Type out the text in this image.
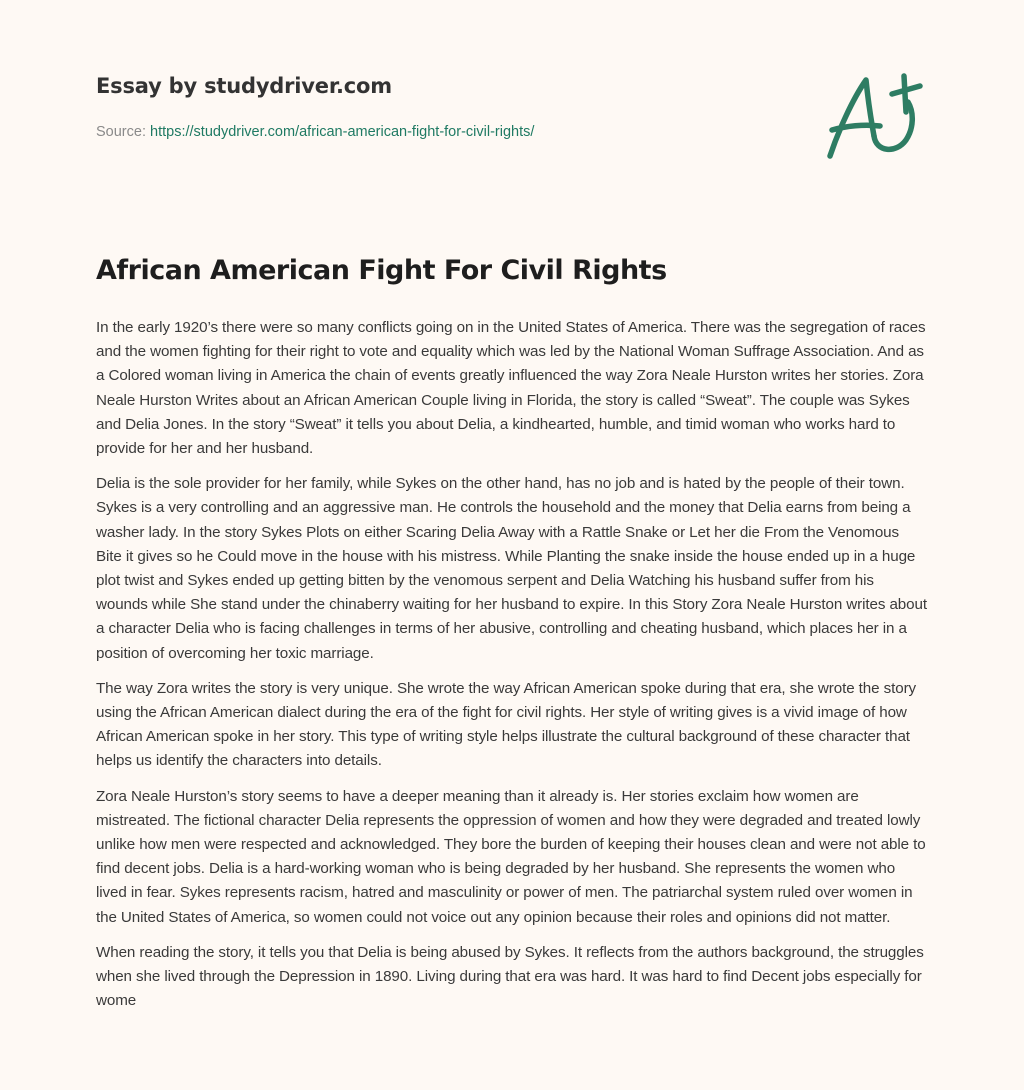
Essay by studydriver.com
Source: https://studydriver.com/african-american-fight-for-civil-rights/
African American Fight For Civil Rights

In the early 1920’s there were so many conflicts going on in the United States of America. There was the segregation of races and the women fighting for their right to vote and equality which was led by the National Woman Suffrage Association. And as a Colored woman living in America the chain of events greatly influenced the way Zora Neale Hurston writes her stories. Zora Neale Hurston Writes about an African American Couple living in Florida, the story is called “Sweat”. The couple was Sykes and Delia Jones. In the story “Sweat” it tells you about Delia, a kindhearted, humble, and timid woman who works hard to provide for her and her husband.

Delia is the sole provider for her family, while Sykes on the other hand, has no job and is hated by the people of their town. Sykes is a very controlling and an aggressive man. He controls the household and the money that Delia earns from being a washer lady. In the story Sykes Plots on either Scaring Delia Away with a Rattle Snake or Let her die From the Venomous Bite it gives so he Could move in the house with his mistress. While Planting the snake inside the house ended up in a huge plot twist and Sykes ended up getting bitten by the venomous serpent and Delia Watching his husband suffer from his wounds while She stand under the chinaberry waiting for her husband to expire. In this Story Zora Neale Hurston writes about a character Delia who is facing challenges in terms of her abusive, controlling and cheating husband, which places her in a position of overcoming her toxic marriage.

The way Zora writes the story is very unique. She wrote the way African American spoke during that era, she wrote the story using the African American dialect during the era of the fight for civil rights. Her style of writing gives is a vivid image of how African American spoke in her story. This type of writing style helps illustrate the cultural background of these character that helps us identify the characters into details.

Zora Neale Hurston’s story seems to have a deeper meaning than it already is. Her stories exclaim how women are mistreated. The fictional character Delia represents the oppression of women and how they were degraded and treated lowly unlike how men were respected and acknowledged. They bore the burden of keeping their houses clean and were not able to find decent jobs. Delia is a hard-working woman who is being degraded by her husband. She represents the women who lived in fear. Sykes represents racism, hatred and masculinity or power of men. The patriarchal system ruled over women in the United States of America, so women could not voice out any opinion because their roles and opinions did not matter.

When reading the story, it tells you that Delia is being abused by Sykes. It reflects from the authors background, the struggles when she lived through the Depression in 1890. Living during that era was hard. It was hard to find Decent jobs especially for wome
